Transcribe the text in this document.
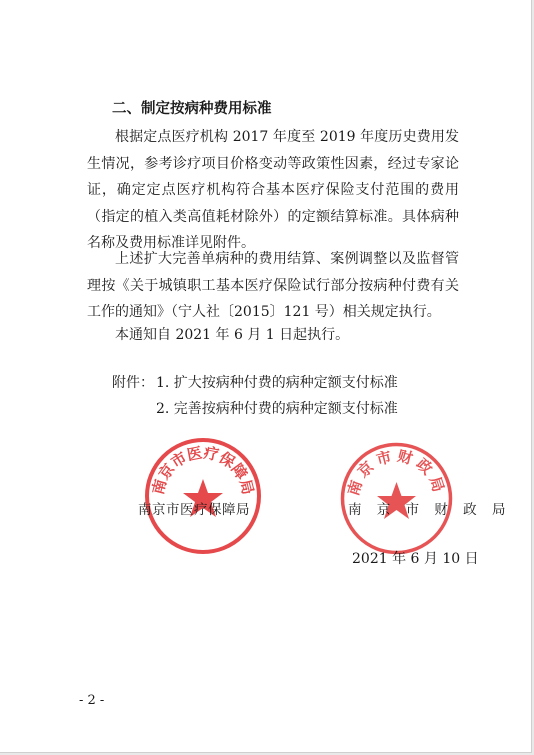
二、制定按病种费用标准

根据定点医疗机构 2017 年度至 2019 年度历史费用发生情况，参考诊疗项目价格变动等政策性因素，经过专家论证，确定定点医疗机构符合基本医疗保险支付范围的费用（指定的植入类高值耗材除外）的定额结算标准。具体病种名称及费用标准详见附件。

上述扩大完善单病种的费用结算、案例调整以及监督管理按《关于城镇职工基本医疗保险试行部分按病种付费有关工作的通知》（宁人社〔2015〕121 号）相关规定执行。

本通知自 2021 年 6 月 1 日起执行。

附件： 1. 扩大按病种付费的病种定额支付标准
2. 完善按病种付费的病种定额支付标准
南京市医疗保障局	南京市财政局
南京市医疗保障局	南 京 市 财 政 局
2021 年 6 月 10 日
- 2 -
